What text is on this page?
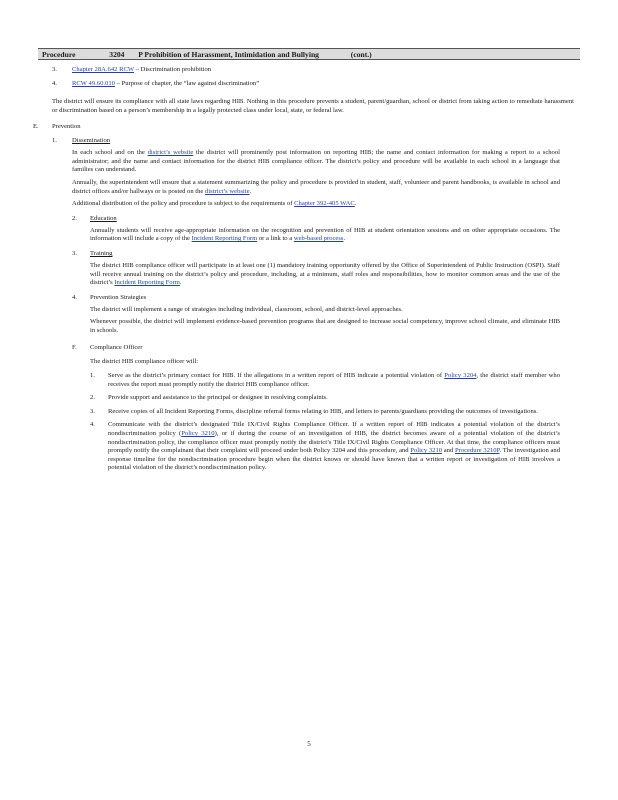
Procedure	3204 P Prohibition of Harassment, Intimidation and Bullying	(cont.)
3. Chapter 28A.642 RCW – Discrimination prohibition
4. RCW 49.60.010 – Purpose of chapter, the “law against discrimination”

The district will ensure its compliance with all state laws regarding HIB. Nothing in this procedure prevents a student, parent/guardian, school or district from taking action to remediate harassment or discrimination based on a person’s membership in a legally protected class under local, state, or federal law.

E. Prevention
1. Dissemination

In each school and on the district’s website the district will prominently post information on reporting HIB; the name and contact information for making a report to a school administrator; and the name and contact information for the district HIB compliance officer. The district’s policy and procedure will be available in each school in a language that families can understand.

Annually, the superintendent will ensure that a statement summarizing the policy and procedure is provided in student, staff, volunteer and parent handbooks, is available in school and district offices and/or hallways or is posted on the district’s website.

Additional distribution of the policy and procedure is subject to the requirements of Chapter 392-405 WAC.

2. Education

Annually students will receive age-appropriate information on the recognition and prevention of HIB at student orientation sessions and on other appropriate occasions. The information will include a copy of the Incident Reporting Form or a link to a web-based process.

3. Training

The district HIB compliance officer will participate in at least one (1) mandatory training opportunity offered by the Office of Superintendent of Public Instruction (OSPI). Staff will receive annual training on the district’s policy and procedure, including, at a minimum, staff roles and responsibilities, how to monitor common areas and the use of the district’s Incident Reporting Form.

4. Prevention Strategies

The district will implement a range of strategies including individual, classroom, school, and district-level approaches.

Whenever possible, the district will implement evidence-based prevention programs that are designed to increase social competency, improve school climate, and eliminate HIB in schools.

F. Compliance Officer

The district HIB compliance officer will:

1. Serve as the district’s primary contact for HIB. If the allegations in a written report of HIB indicate a potential violation of Policy 3204, the district staff member who receives the report must promptly notify the district HIB compliance officer.

2. Provide support and assistance to the principal or designee in resolving complaints.

3. Receive copies of all Incident Reporting Forms, discipline referral forms relating to HIB, and letters to parents/guardians providing the outcomes of investigations.

4. Communicate with the district’s designated Title IX/Civil Rights Compliance Officer. If a written report of HIB indicates a potential violation of the district’s nondiscrimination policy (Policy 3210), or if during the course of an investigation of HIB, the district becomes aware of a potential violation of the district’s nondiscrimination policy, the compliance officer must promptly notify the district’s Title IX/Civil Rights Compliance Officer. At that time, the compliance officers must promptly notify the complainant that their complaint will proceed under both Policy 3204 and this procedure, and Policy 3210 and Procedure 3210P. The investigation and response timeline for the nondiscrimination procedure begin when the district knows or should have known that a written report or investigation of HIB involves a potential violation of the district’s nondiscrimination policy.

5
